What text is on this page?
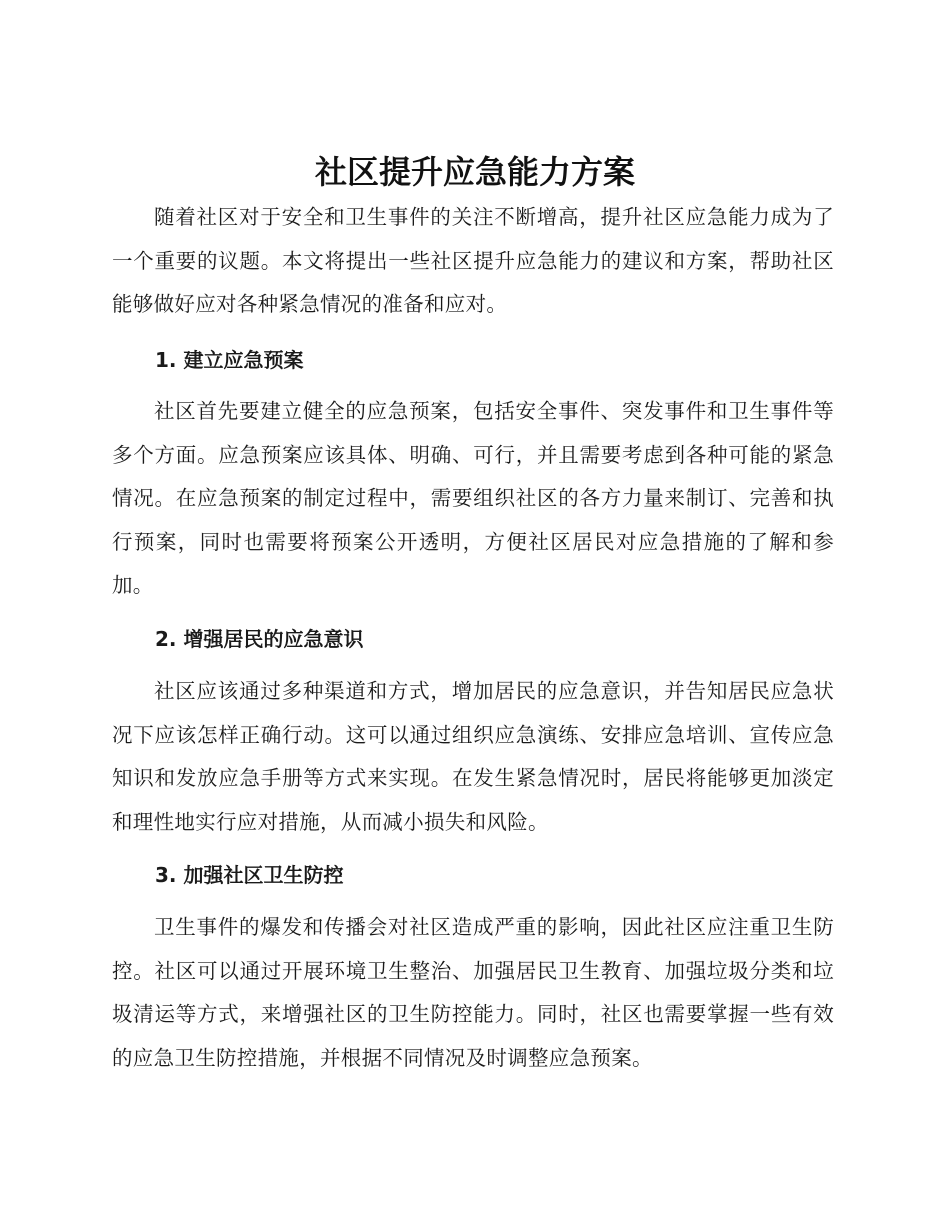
社区提升应急能力方案

随着社区对于安全和卫生事件的关注不断增高，提升社区应急能力成为了一个重要的议题。本文将提出一些社区提升应急能力的建议和方案，帮助社区能够做好应对各种紧急情况的准备和应对。

1. 建立应急预案

社区首先要建立健全的应急预案，包括安全事件、突发事件和卫生事件等多个方面。应急预案应该具体、明确、可行，并且需要考虑到各种可能的紧急情况。在应急预案的制定过程中，需要组织社区的各方力量来制订、完善和执行预案，同时也需要将预案公开透明，方便社区居民对应急措施的了解和参加。

2. 增强居民的应急意识

社区应该通过多种渠道和方式，增加居民的应急意识，并告知居民应急状况下应该怎样正确行动。这可以通过组织应急演练、安排应急培训、宣传应急知识和发放应急手册等方式来实现。在发生紧急情况时，居民将能够更加淡定和理性地实行应对措施，从而减小损失和风险。

3. 加强社区卫生防控

卫生事件的爆发和传播会对社区造成严重的影响，因此社区应注重卫生防控。社区可以通过开展环境卫生整治、加强居民卫生教育、加强垃圾分类和垃圾清运等方式，来增强社区的卫生防控能力。同时，社区也需要掌握一些有效的应急卫生防控措施，并根据不同情况及时调整应急预案。
